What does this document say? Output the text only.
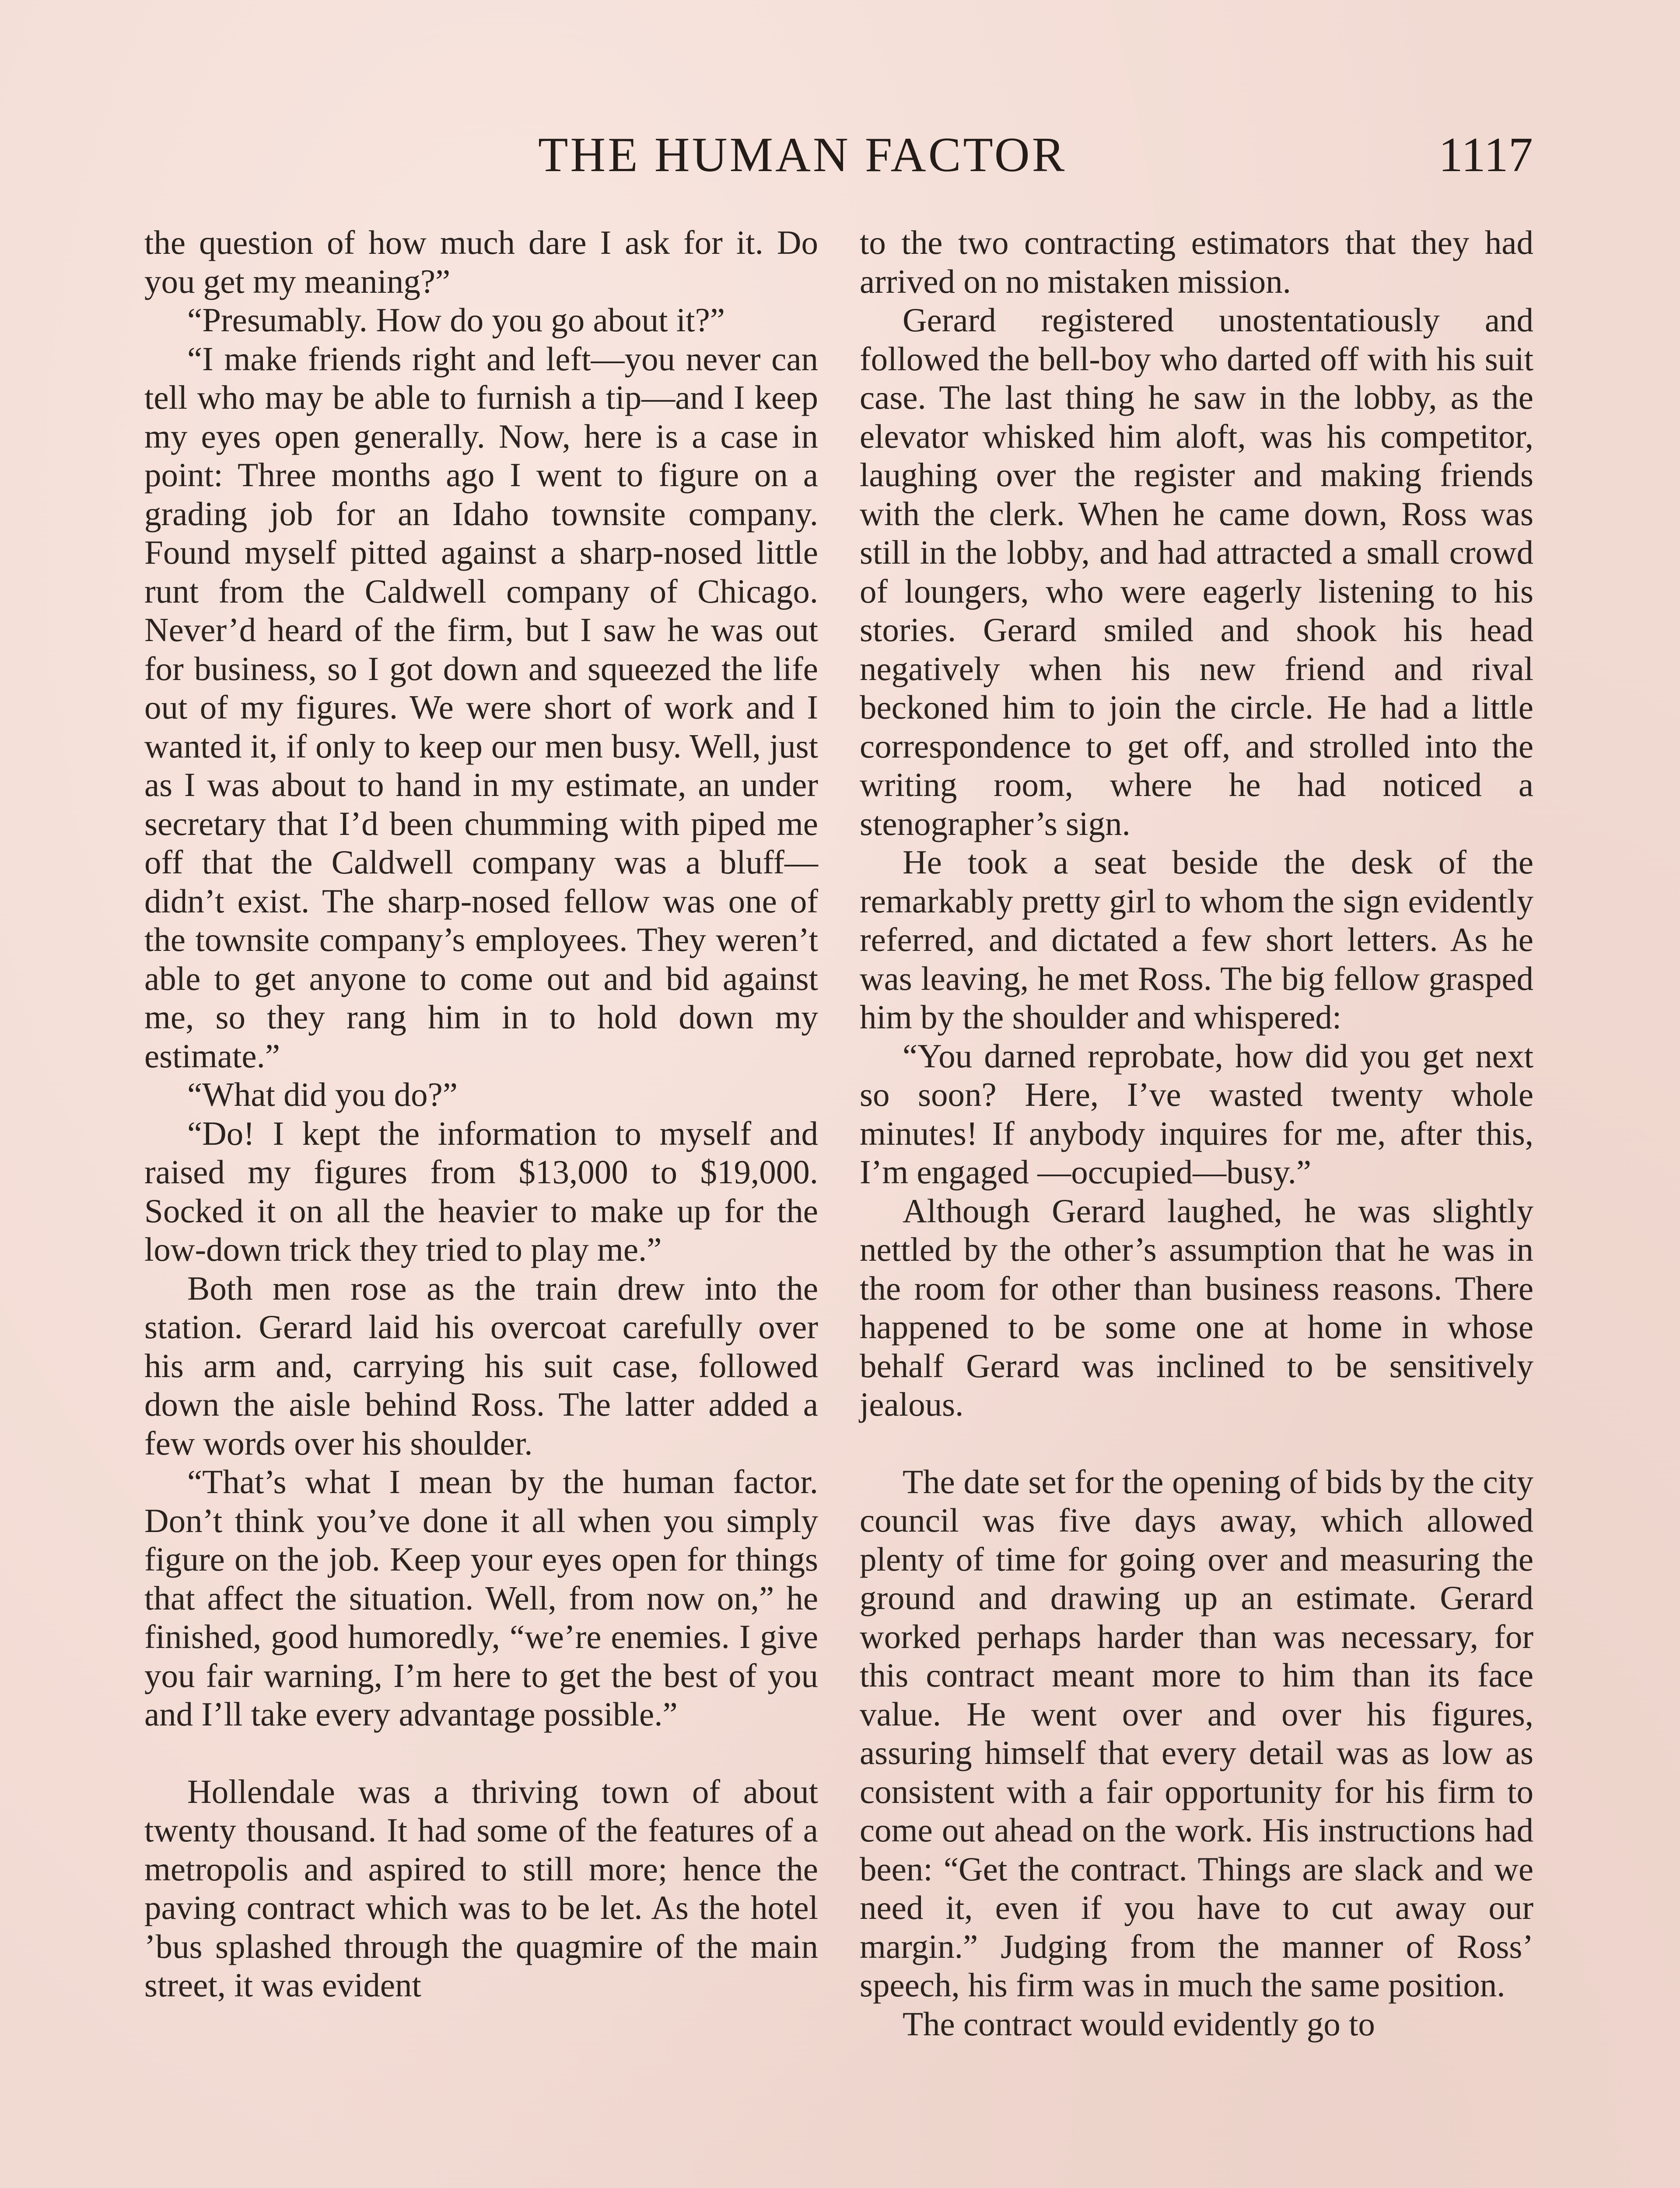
THE HUMAN FACTOR	1117

the question of how much dare I ask for it. Do you get my meaning?”

“Presumably. How do you go about it?”

“I make friends right and left—you never can tell who may be able to furnish a tip—and I keep my eyes open generally. Now, here is a case in point: Three months ago I went to figure on a grading job for an Idaho townsite company. Found myself pitted against a sharp-nosed little runt from the Caldwell company of Chicago. Never’d heard of the firm, but I saw he was out for business, so I got down and squeezed the life out of my figures. We were short of work and I wanted it, if only to keep our men busy. Well, just as I was about to hand in my estimate, an under secretary that I’d been chumming with piped me off that the Caldwell company was a bluff—didn’t exist. The sharp-nosed fellow was one of the townsite company’s employees. They weren’t able to get anyone to come out and bid against me, so they rang him in to hold down my estimate.”

“What did you do?”

“Do! I kept the information to myself and raised my figures from $13,000 to $19,000. Socked it on all the heavier to make up for the low-down trick they tried to play me.”

Both men rose as the train drew into the station. Gerard laid his overcoat carefully over his arm and, carrying his suit case, followed down the aisle behind Ross. The latter added a few words over his shoulder.

“That’s what I mean by the human factor. Don’t think you’ve done it all when you simply figure on the job. Keep your eyes open for things that affect the situation. Well, from now on,” he finished, good humoredly, “we’re enemies. I give you fair warning, I’m here to get the best of you and I’ll take every advantage possible.”

Hollendale was a thriving town of about twenty thousand. It had some of the features of a metropolis and aspired to still more; hence the paving contract which was to be let. As the hotel ’bus splashed through the quagmire of the main street, it was evident

to the two contracting estimators that they had arrived on no mistaken mission.

Gerard registered unostentatiously and followed the bell-boy who darted off with his suit case. The last thing he saw in the lobby, as the elevator whisked him aloft, was his competitor, laughing over the register and making friends with the clerk. When he came down, Ross was still in the lobby, and had attracted a small crowd of loungers, who were eagerly listening to his stories. Gerard smiled and shook his head negatively when his new friend and rival beckoned him to join the circle. He had a little correspondence to get off, and strolled into the writing room, where he had noticed a stenographer’s sign.

He took a seat beside the desk of the remarkably pretty girl to whom the sign evidently referred, and dictated a few short letters. As he was leaving, he met Ross. The big fellow grasped him by the shoulder and whispered:

“You darned reprobate, how did you get next so soon? Here, I’ve wasted twenty whole minutes! If anybody inquires for me, after this, I’m engaged —occupied—busy.”

Although Gerard laughed, he was slightly nettled by the other’s assumption that he was in the room for other than business reasons. There happened to be some one at home in whose behalf Gerard was inclined to be sensitively jealous.

The date set for the opening of bids by the city council was five days away, which allowed plenty of time for going over and measuring the ground and drawing up an estimate. Gerard worked perhaps harder than was necessary, for this contract meant more to him than its face value. He went over and over his figures, assuring himself that every detail was as low as consistent with a fair opportunity for his firm to come out ahead on the work. His instructions had been: “Get the contract. Things are slack and we need it, even if you have to cut away our margin.” Judging from the manner of Ross’ speech, his firm was in much the same position.

The contract would evidently go to
